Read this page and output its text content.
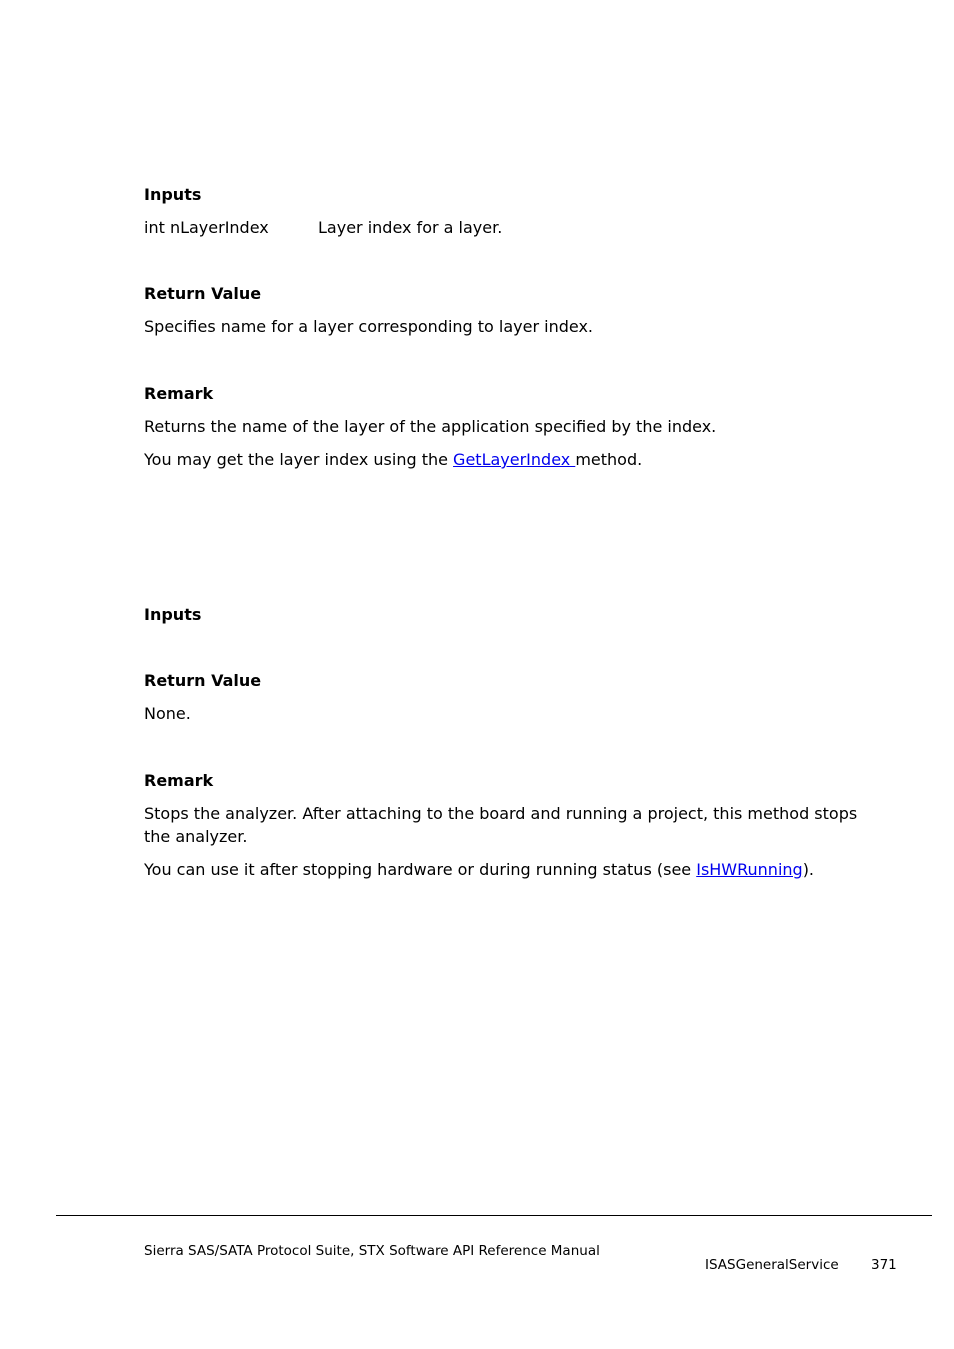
Inputs
int nLayerIndex	Layer index for a layer.
Return Value
Specifies name for a layer corresponding to layer index.
Remark
Returns the name of the layer of the application specified by the index.
You may get the layer index using the GetLayerIndex method.
Inputs
Return Value
None.
Remark
Stops the analyzer. After attaching to the board and running a project, this method stops the analyzer.
You can use it after stopping hardware or during running status (see IsHWRunning).
Sierra SAS/SATA Protocol Suite, STX Software API Reference Manual
ISASGeneralService 371
